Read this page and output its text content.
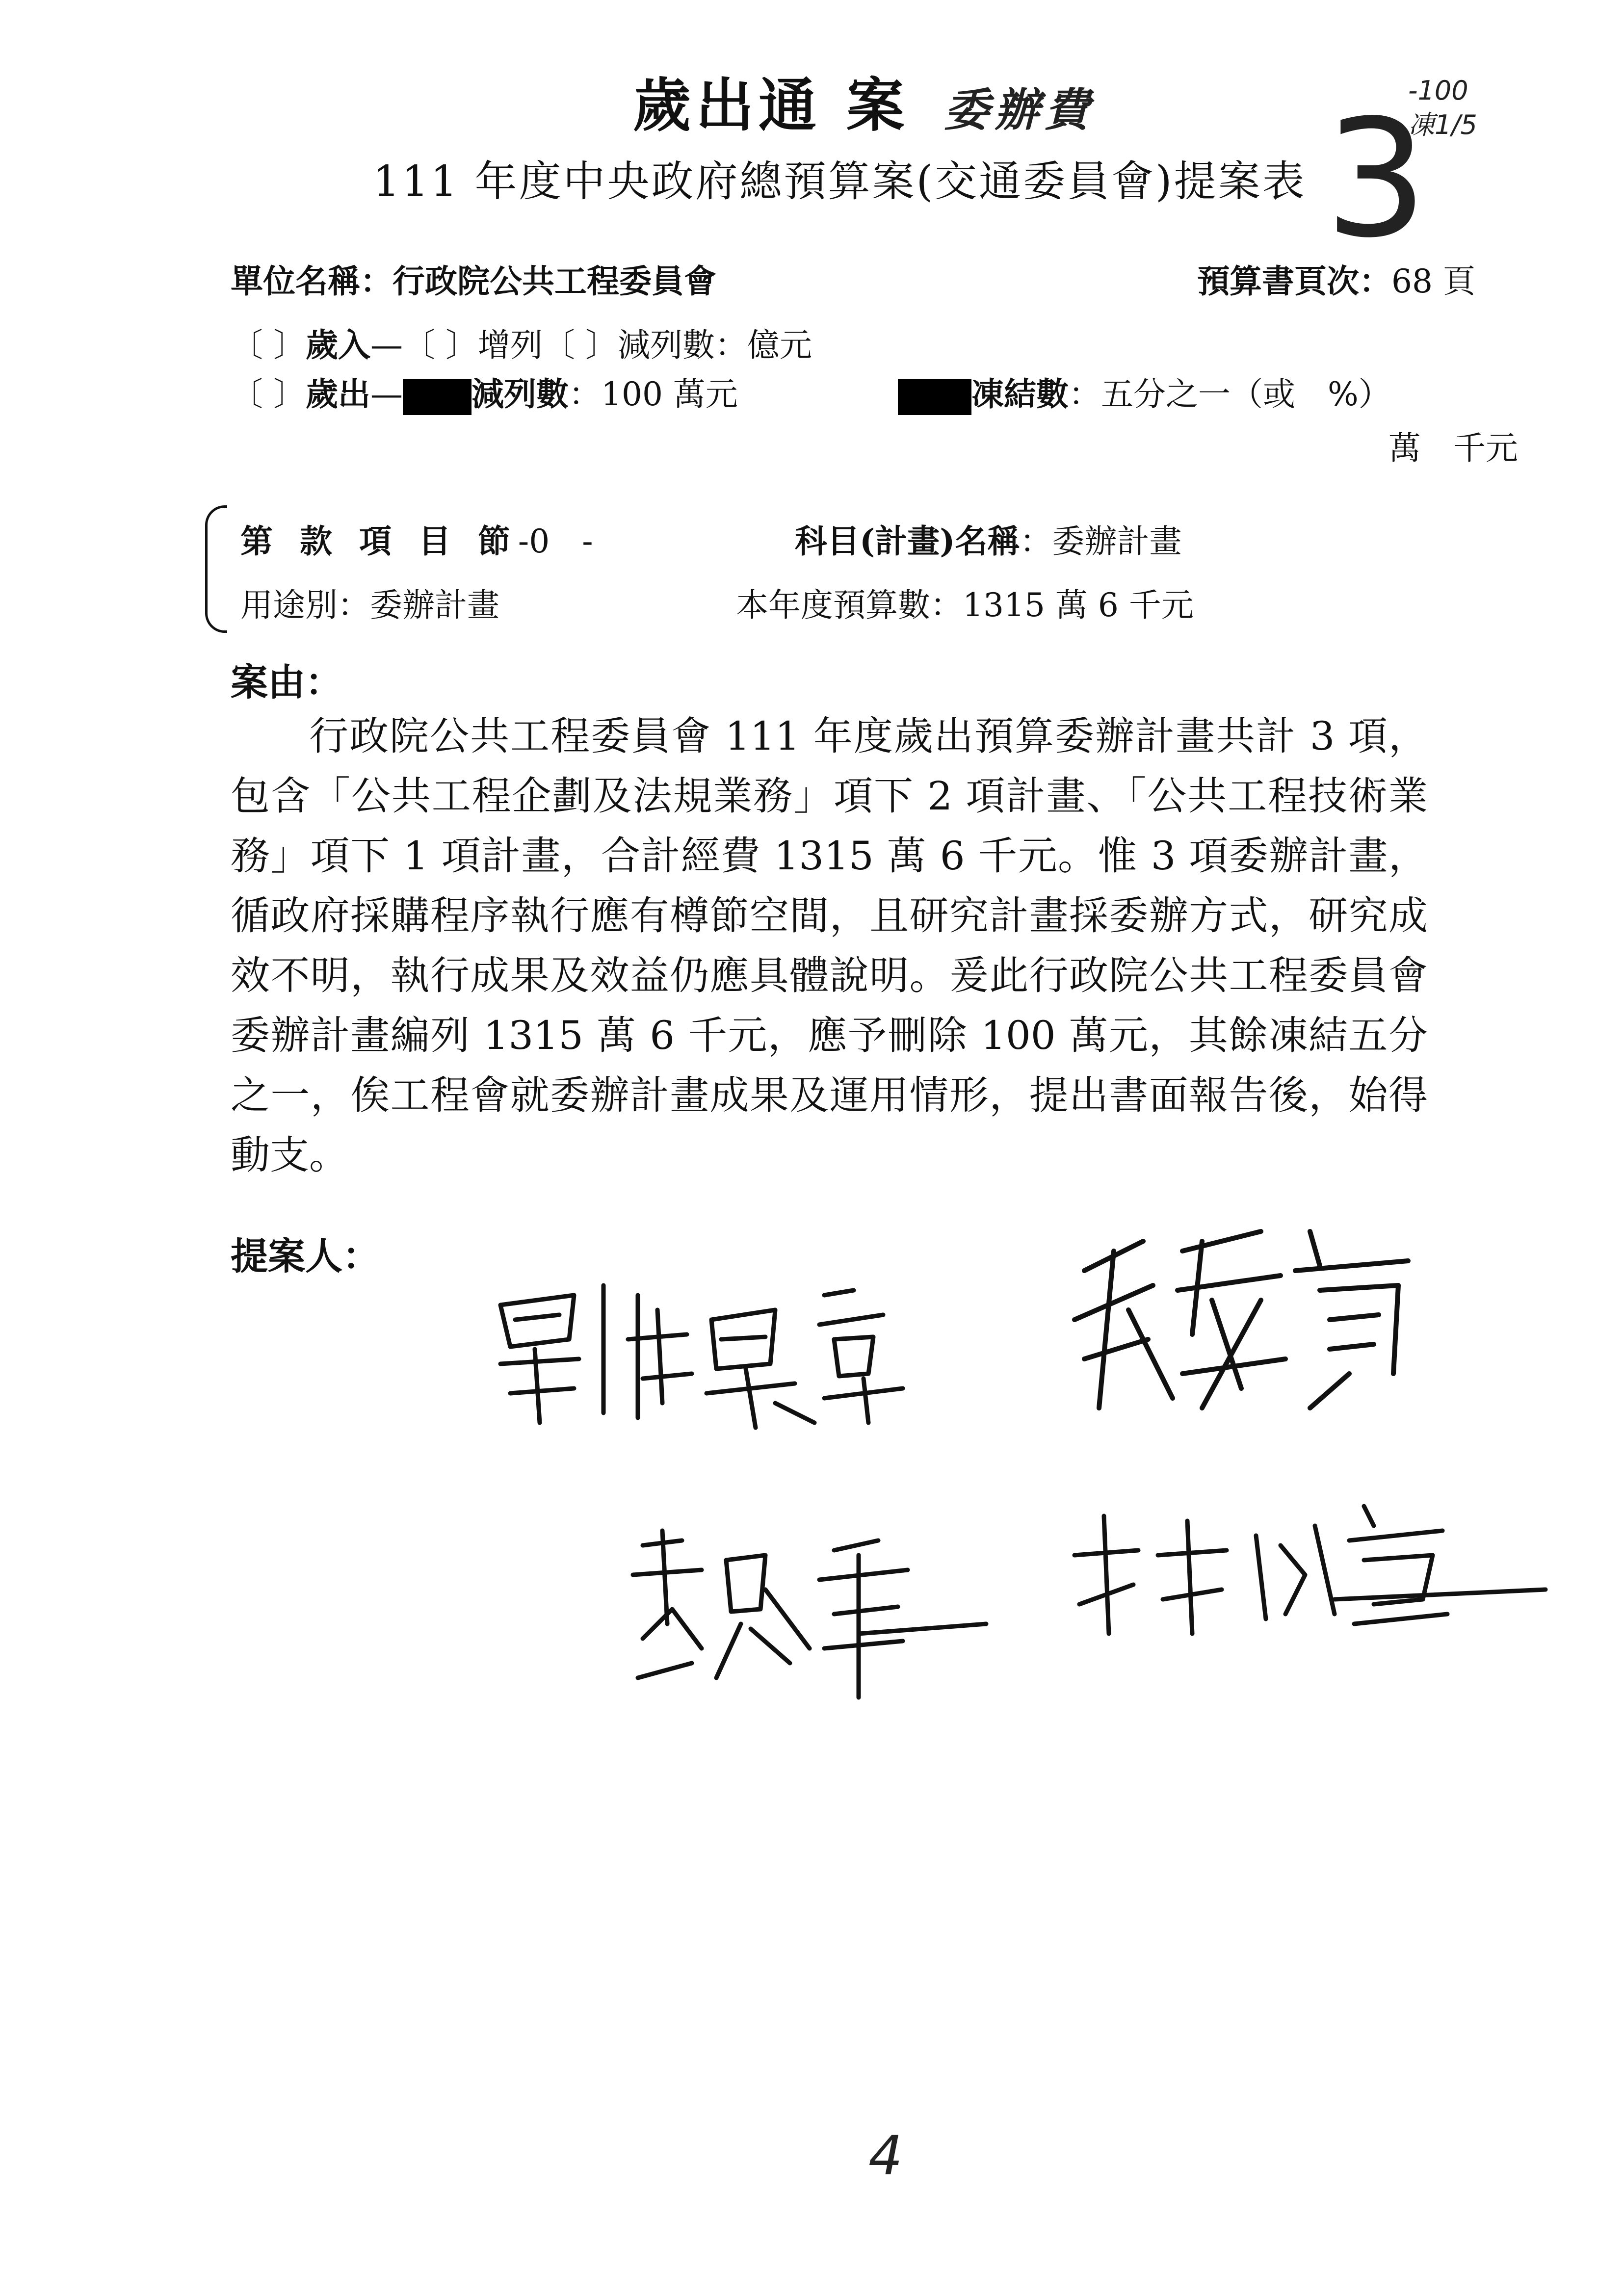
歲出通 案 委辦費	-100
凍1/5
111 年度中央政府總預算案(交通委員會)提案表 3
單位名稱：行政院公共工程委員會	預算書頁次：68 頁
〔 〕歲入—〔 〕增列〔 〕減列數：億元
〔 〕歲出— 減列數：100 萬元	凍結數：五分之一（或　%）
萬　千元
第 款 項 目 節-0　-	科目(計畫)名稱：委辦計畫
用途別：委辦計畫	本年度預算數：1315 萬 6 千元
案由：

行政院公共工程委員會 111 年度歲出預算委辦計畫共計 3 項，包含「公共工程企劃及法規業務」項下 2 項計畫、「公共工程技術業務」項下 1 項計畫，合計經費 1315 萬 6 千元。惟 3 項委辦計畫，循政府採購程序執行應有樽節空間，且研究計畫採委辦方式，研究成效不明，執行成果及效益仍應具體說明。爰此行政院公共工程委員會委辦計畫編列 1315 萬 6 千元，應予刪除 100 萬元，其餘凍結五分之一，俟工程會就委辦計畫成果及運用情形，提出書面報告後，始得動支。

提案人：
4
